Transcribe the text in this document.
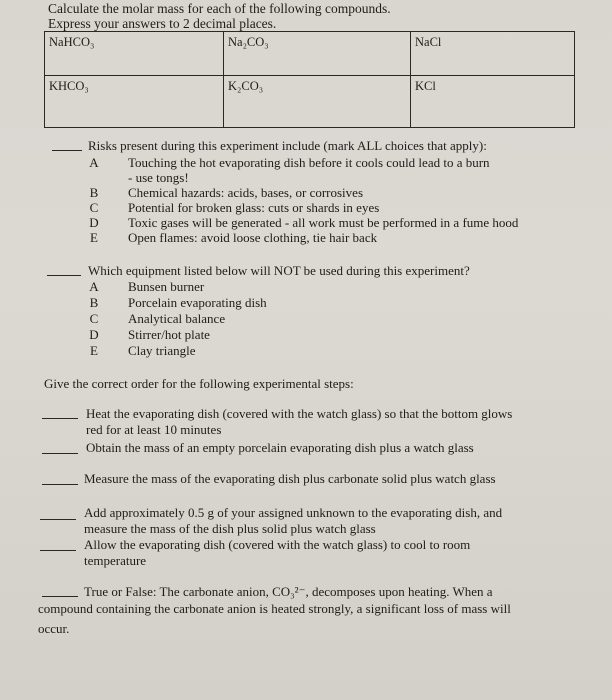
Calculate the molar mass for each of the following compounds.
Express your answers to 2 decimal places.
NaHCO₃	Na₂CO₃	NaCl
KHCO₃	K₂CO₃	KCl
Risks present during this experiment include (mark ALL choices that apply):
A Touching the hot evaporating dish before it cools could lead to a burn
- use tongs!
B Chemical hazards: acids, bases, or corrosives
C Potential for broken glass: cuts or shards in eyes
D Toxic gases will be generated - all work must be performed in a fume hood
E	Open flames: avoid loose clothing, tie hair back
Which equipment listed below will NOT be used during this experiment?
A Bunsen burner
B Porcelain evaporating dish
C Analytical balance
D Stirrer/hot plate
E	Clay triangle
Give the correct order for the following experimental steps:
Heat the evaporating dish (covered with the watch glass) so that the bottom glows
red for at least 10 minutes
Obtain the mass of an empty porcelain evaporating dish plus a watch glass
Measure the mass of the evaporating dish plus carbonate solid plus watch glass
Add approximately 0.5 g of your assigned unknown to the evaporating dish, and
measure the mass of the dish plus solid plus watch glass
Allow the evaporating dish (covered with the watch glass) to cool to room
temperature
True or False: The carbonate anion, CO₃²⁻, decomposes upon heating. When a
compound containing the carbonate anion is heated strongly, a significant loss of mass will
occur.
